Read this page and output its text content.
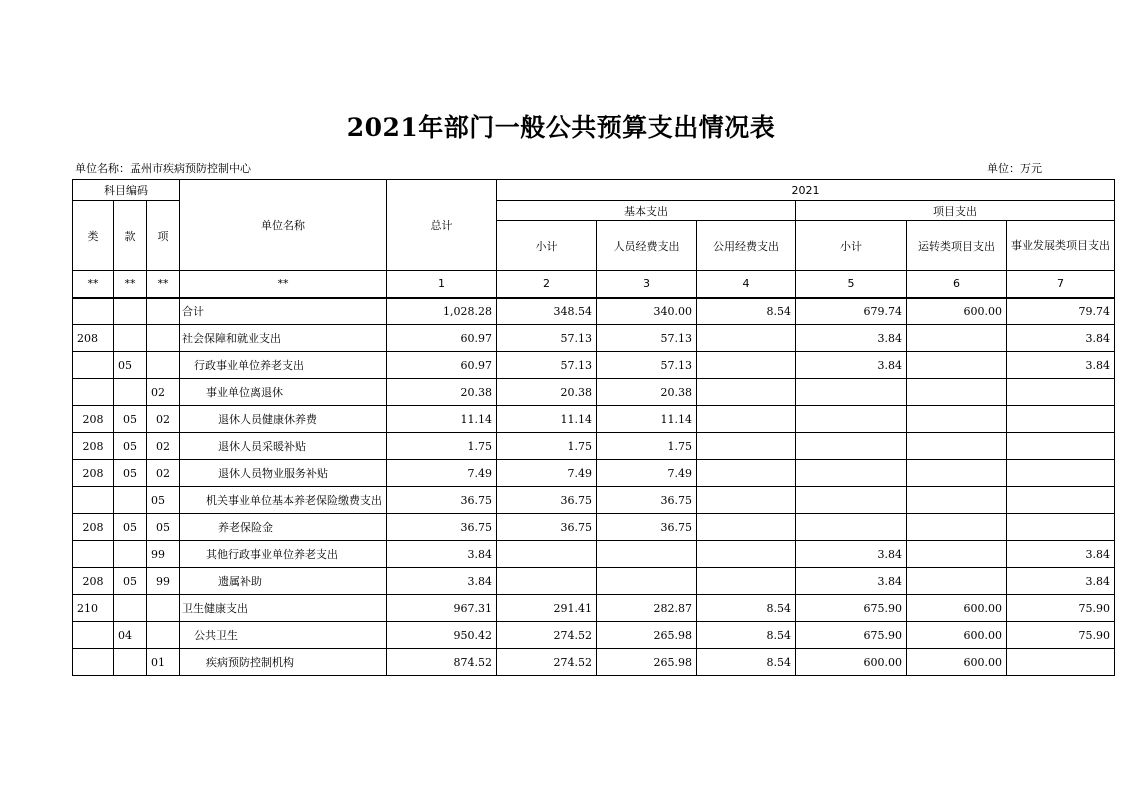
2021年部门一般公共预算支出情况表
单位名称：孟州市疾病预防控制中心	单位：万元
科目编码			单位名称	总计	2021					
类	款	项			基本支出			项目支出		
					小计	人员经费支出	公用经费支出	小计	运转类项目支出	事业发展类项目支出
**	**	**	**	1	2	3	4	5	6	7
			合计	1,028.28	348.54	340.00	8.54	679.74	600.00	79.74
208			社会保障和就业支出	60.97	57.13	57.13		3.84		3.84
	05		行政事业单位养老支出	60.97	57.13	57.13		3.84		3.84
		02	事业单位离退休	20.38	20.38	20.38				
208	05	02	退休人员健康休养费	11.14	11.14	11.14				
208	05	02	退休人员采暖补贴	1.75	1.75	1.75				
208	05	02	退休人员物业服务补贴	7.49	7.49	7.49				
		05	机关事业单位基本养老保险缴费支出	36.75	36.75	36.75				
208	05	05	养老保险金	36.75	36.75	36.75				
		99	其他行政事业单位养老支出	3.84				3.84		3.84
208	05	99	遗属补助	3.84				3.84		3.84
210			卫生健康支出	967.31	291.41	282.87	8.54	675.90	600.00	75.90
	04		公共卫生	950.42	274.52	265.98	8.54	675.90	600.00	75.90
		01	疾病预防控制机构	874.52	274.52	265.98	8.54	600.00	600.00	
